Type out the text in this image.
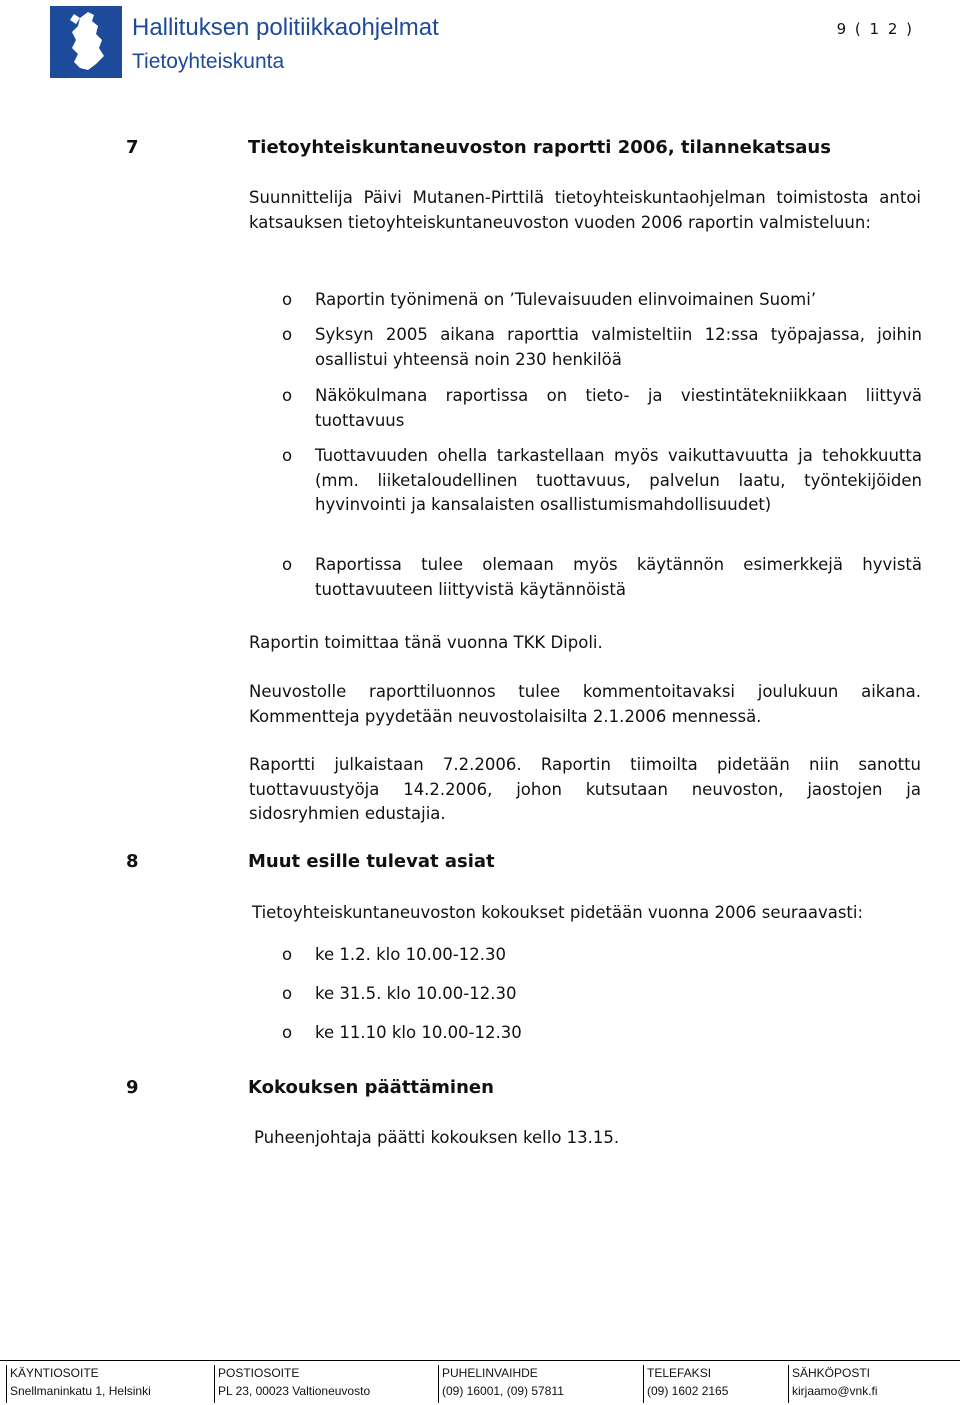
Hallituksen politiikkaohjelmat
Tietoyhteiskunta
9 ( 1 2 )
7	Tietoyhteiskuntaneuvoston raportti 2006, tilannekatsaus

Suunnittelija Päivi Mutanen-Pirttilä tietoyhteiskuntaohjelman toimistosta antoi katsauksen tietoyhteiskuntaneuvoston vuoden 2006 raportin valmisteluun:

o Raportin työnimenä on ’Tulevaisuuden elinvoimainen Suomi’
o Syksyn 2005 aikana raporttia valmisteltiin 12:ssa työpajassa, joihin osallistui yhteensä noin 230 henkilöä
o Näkökulmana raportissa on tieto- ja viestintätekniikkaan liittyvä tuottavuus
o Tuottavuuden ohella tarkastellaan myös vaikuttavuutta ja tehokkuutta (mm. liiketaloudellinen tuottavuus, palvelun laatu, työntekijöiden hyvinvointi ja kansalaisten osallistumismahdollisuudet)
o Raportissa tulee olemaan myös käytännön esimerkkejä hyvistä tuottavuuteen liittyvistä käytännöistä

Raportin toimittaa tänä vuonna TKK Dipoli.

Neuvostolle raporttiluonnos tulee kommentoitavaksi joulukuun aikana. Kommentteja pyydetään neuvostolaisilta 2.1.2006 mennessä.

Raportti julkaistaan 7.2.2006. Raportin tiimoilta pidetään niin sanottu tuottavuustyöja 14.2.2006, johon kutsutaan neuvoston, jaostojen ja sidosryhmien edustajia.

8	Muut esille tulevat asiat

Tietoyhteiskuntaneuvoston kokoukset pidetään vuonna 2006 seuraavasti:

o ke 1.2. klo 10.00-12.30
o ke 31.5. klo 10.00-12.30
o ke 11.10 klo 10.00-12.30
9	Kokouksen päättäminen

Puheenjohtaja päätti kokouksen kello 13.15.

KÄYNTIOSOITE
Snellmaninkatu 1, Helsinki
POSTIOSOITE
PL 23, 00023 Valtioneuvosto
PUHELINVAIHDE
(09) 16001, (09) 57811
TELEFAKSI
(09) 1602 2165
SÄHKÖPOSTI
kirjaamo@vnk.fi
